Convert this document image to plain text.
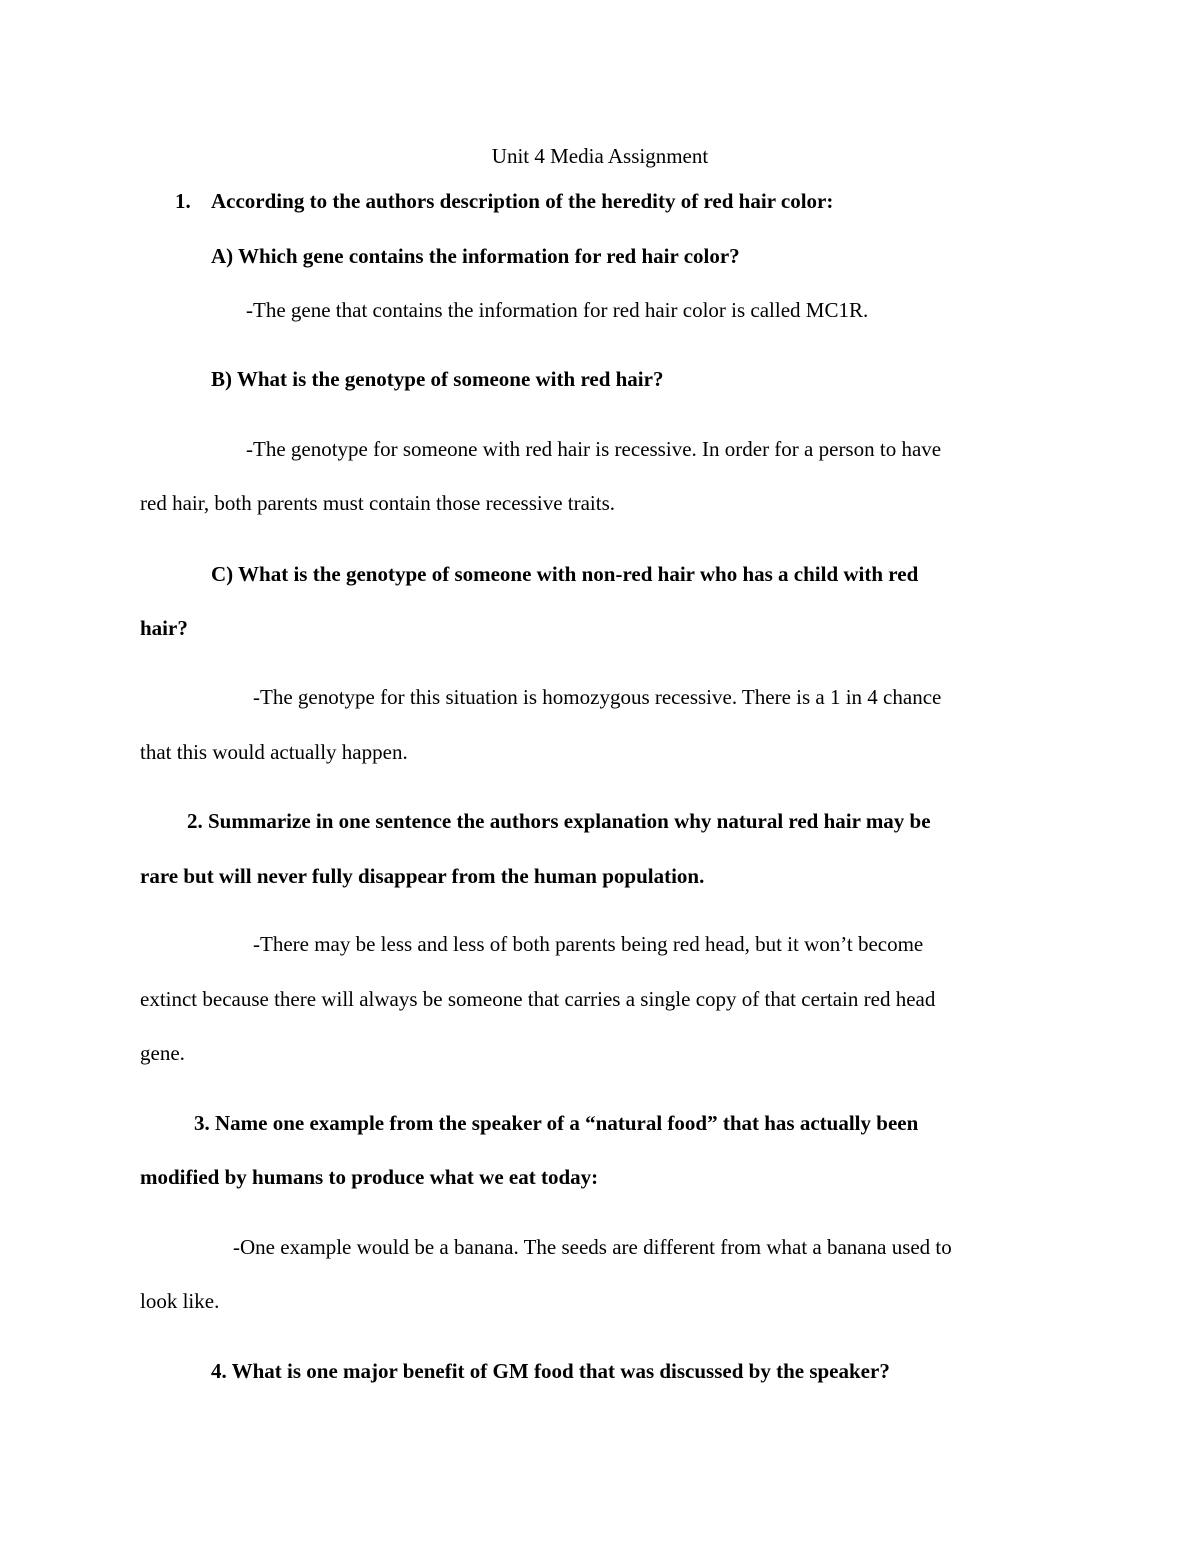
Unit 4 Media Assignment
1. According to the authors description of the heredity of red hair color:
A) Which gene contains the information for red hair color?
-The gene that contains the information for red hair color is called MC1R.
B) What is the genotype of someone with red hair?
-The genotype for someone with red hair is recessive. In order for a person to have
red hair, both parents must contain those recessive traits.
C) What is the genotype of someone with non-red hair who has a child with red
hair?
-The genotype for this situation is homozygous recessive. There is a 1 in 4 chance
that this would actually happen.
2. Summarize in one sentence the authors explanation why natural red hair may be
rare but will never fully disappear from the human population.
-There may be less and less of both parents being red head, but it won’t become
extinct because there will always be someone that carries a single copy of that certain red head
gene.
3. Name one example from the speaker of a “natural food” that has actually been
modified by humans to produce what we eat today:
-One example would be a banana. The seeds are different from what a banana used to
look like.
4. What is one major benefit of GM food that was discussed by the speaker?
